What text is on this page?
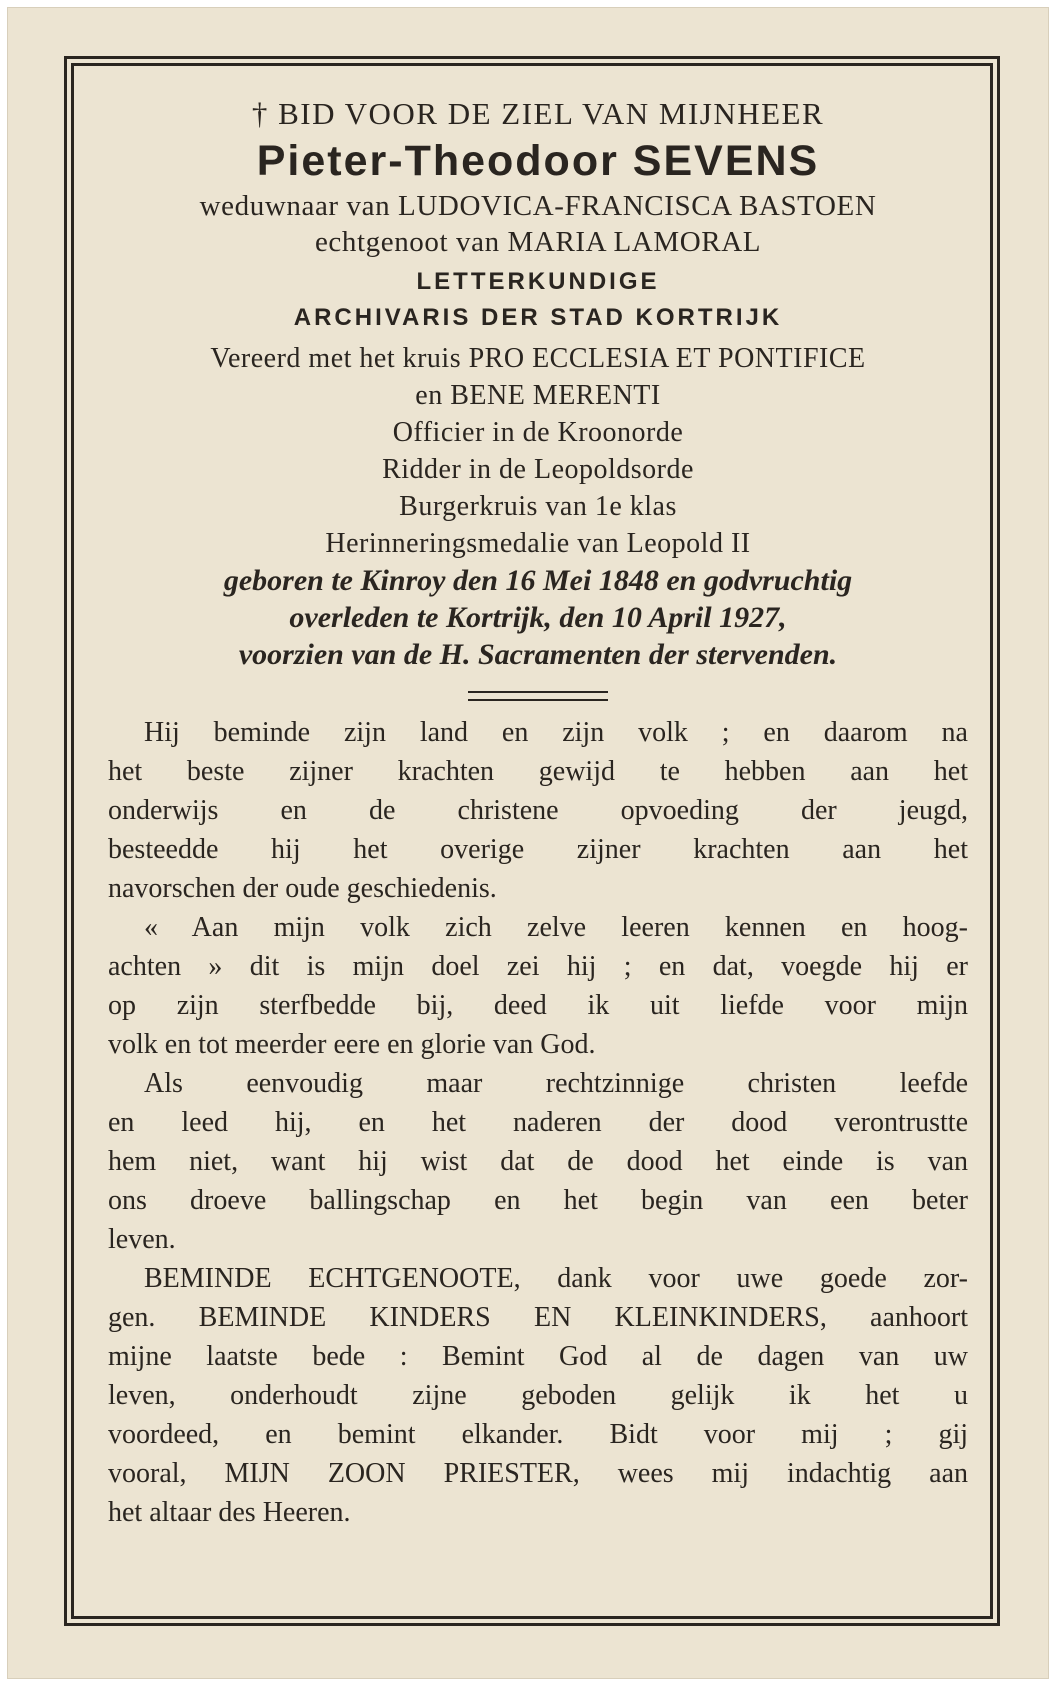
† BID VOOR DE ZIEL VAN MIJNHEER
Pieter-Theodoor SEVENS
weduwnaar van LUDOVICA-FRANCISCA BASTOEN
echtgenoot van MARIA LAMORAL
LETTERKUNDIGE
ARCHIVARIS DER STAD KORTRIJK
Vereerd met het kruis PRO ECCLESIA ET PONTIFICE
en BENE MERENTI
Officier in de Kroonorde
Ridder in de Leopoldsorde
Burgerkruis van 1e klas
Herinneringsmedalie van Leopold II
geboren te Kinroy den 16 Mei 1848 en godvruchtig
overleden te Kortrijk, den 10 April 1927,
voorzien van de H. Sacramenten der stervenden.
Hij beminde zijn land en zijn volk ; en daarom na
het beste zijner krachten gewijd te hebben aan het
onderwijs en de christene opvoeding der jeugd,
besteedde hij het overige zijner krachten aan het
navorschen der oude geschiedenis.
« Aan mijn volk zich zelve leeren kennen en hoog-
achten » dit is mijn doel zei hij ; en dat, voegde hij er
op zijn sterfbedde bij, deed ik uit liefde voor mijn
volk en tot meerder eere en glorie van God.
Als eenvoudig maar rechtzinnige christen leefde
en leed hij, en het naderen der dood verontrustte
hem niet, want hij wist dat de dood het einde is van
ons droeve ballingschap en het begin van een beter
leven.
BEMINDE ECHTGENOOTE, dank voor uwe goede zor-
gen. BEMINDE KINDERS EN KLEINKINDERS, aanhoort
mijne laatste bede : Bemint God al de dagen van uw
leven, onderhoudt zijne geboden gelijk ik het u
voordeed, en bemint elkander. Bidt voor mij ; gij
vooral, MIJN ZOON PRIESTER, wees mij indachtig aan
het altaar des Heeren.
